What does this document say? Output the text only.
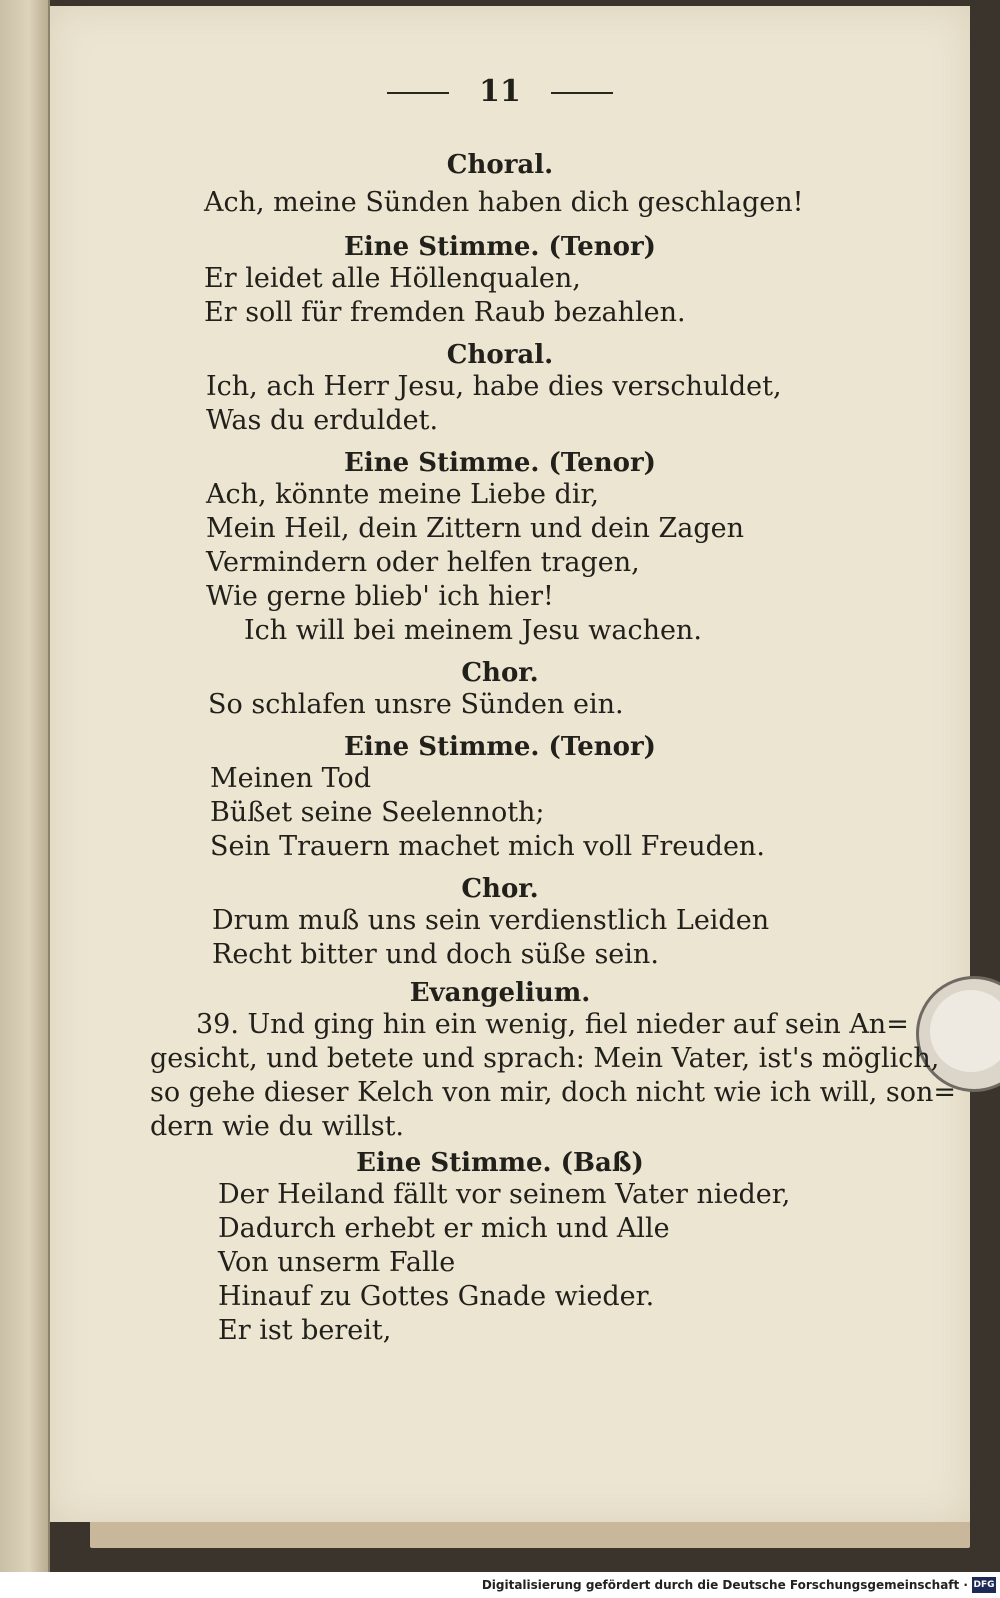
11
Choral.
Ach, meine Sünden haben dich geschlagen!
Eine Stimme. (Tenor)
Er leidet alle Höllenqualen,
Er soll für fremden Raub bezahlen.
Choral.
Ich, ach Herr Jesu, habe dies verschuldet,
Was du erduldet.
Eine Stimme. (Tenor)
Ach, könnte meine Liebe dir,
Mein Heil, dein Zittern und dein Zagen
Vermindern oder helfen tragen,
Wie gerne blieb' ich hier!
Ich will bei meinem Jesu wachen.
Chor.
So schlafen unsre Sünden ein.
Eine Stimme. (Tenor)
Meinen Tod
Büßet seine Seelennoth;
Sein Trauern machet mich voll Freuden.
Chor.
Drum muß uns sein verdienstlich Leiden
Recht bitter und doch süße sein.
Evangelium.
39. Und ging hin ein wenig, fiel nieder auf sein An=
gesicht, und betete und sprach: Mein Vater, ist's möglich,
so gehe dieser Kelch von mir, doch nicht wie ich will, son=
dern wie du willst.
Eine Stimme. (Baß)
Der Heiland fällt vor seinem Vater nieder,
Dadurch erhebt er mich und Alle
Von unserm Falle
Hinauf zu Gottes Gnade wieder.
Er ist bereit,
Digitalisierung gefördert durch die Deutsche Forschungsgemeinschaft · DFG
